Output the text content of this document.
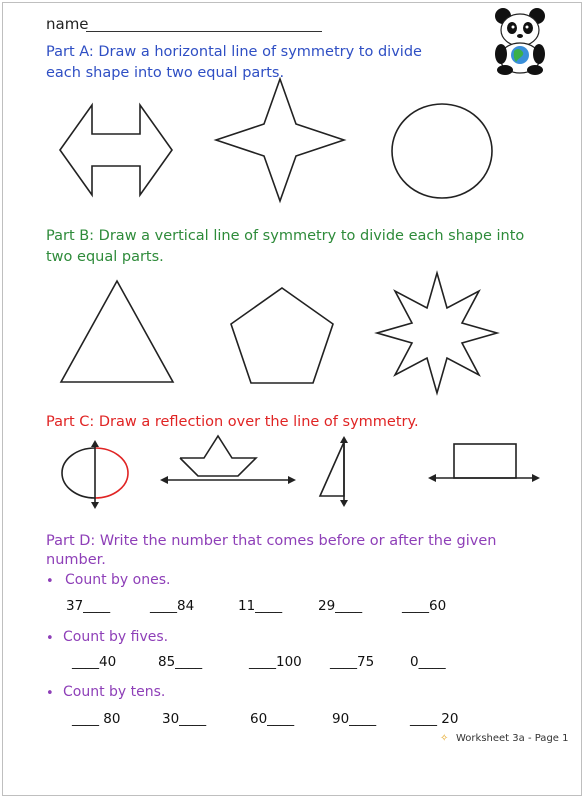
name
Part A: Draw a horizontal line of symmetry to divide each shape into two equal parts.
Part B: Draw a vertical line of symmetry to divide each shape into two equal parts.
Part C: Draw a reflection over the line of symmetry.
Part D: Write the number that comes before or after the given number.
• Count by ones.
37____	____84	11____	29____	____60
• Count by fives.
____40	85____	____100 ____75	0____
• Count by tens.
____ 80	30____	60____	90____	____ 20
✧ Worksheet 3a - Page 1
